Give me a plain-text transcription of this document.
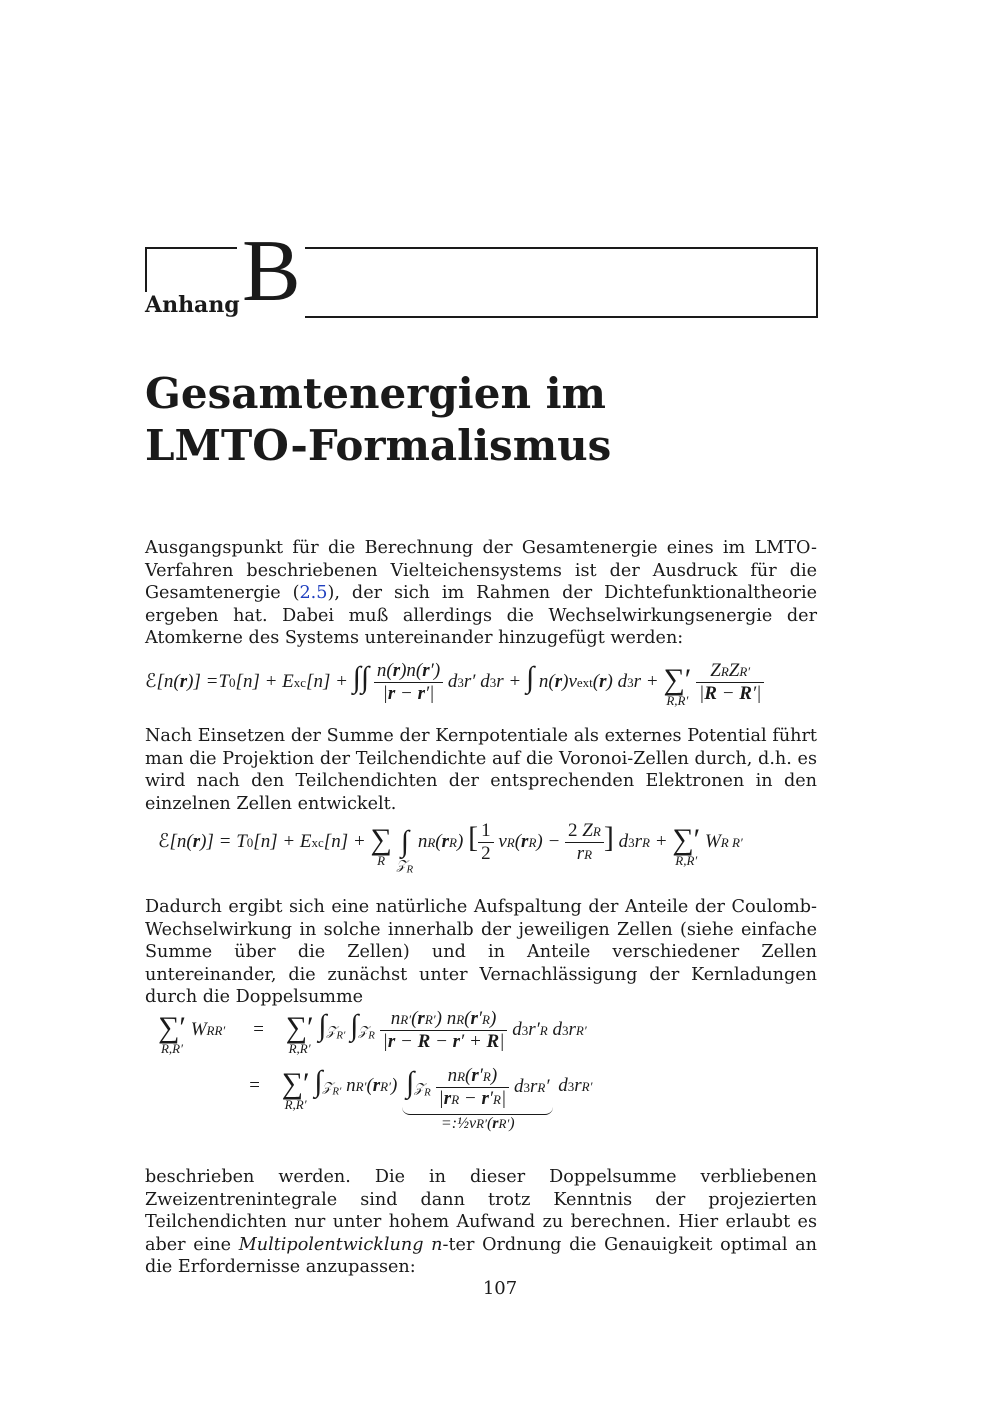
Anhang B
Gesamtenergien im
LMTO-Formalismus
Ausgangspunkt für die Berechnung der Gesamtenergie eines im LMTO-Verfahren beschriebenen Vielteichensystems ist der Ausdruck für die Gesamtenergie (2.5), der sich im Rahmen der Dichtefunktionaltheorie ergeben hat. Dabei muß allerdings die Wechselwirkungsenergie der Atomkerne des Systems untereinander hinzugefügt werden:
ℰ[n(r)] =T0[n] + Exc[n] + ∫∫ $\frac{n(r)n(r')}{|r - r'|} d3r'$ d3r + ∫ n(r)vext(r) d3r + ∑′
R,R′
$\frac{\text{ZRZR′}}{|R - R'|}$
Nach Einsetzen der Summe der Kernpotentiale als externes Potential führt man die Projektion der Teilchendichte auf die Voronoi-Zellen durch, d.h. es wird nach den Teilchendichten der entsprechenden Elektronen in den einzelnen Zellen entwickelt.
ℰ[n(r)] = T0[n] + Exc[n] + ∑
R

∫
𝒵$_R$
nR(rR) [ $\frac{1}{2} vR(rR) - \frac{2 ZR}{rR}$ ] d3rR + ∑′
R,R′
WR R′
Dadurch ergibt sich eine natürliche Aufspaltung der Anteile der Coulomb- Wechselwirkung in solche innerhalb der jeweiligen Zellen (siehe einfache Summe über die Zellen) und in Anteile verschiedener Zellen untereinander, die zunächst unter Vernachlässigung der Kernladungen durch die Doppelsumme
∑′
R,R′
WRR′ = ∑′
R,R′
∫𝒵$_{R'}$ ∫𝒵$_R$ $\frac{nR'(rR') nR(r'R)}{|r - R - r' + R|} d3r'R$ d3rR′
= ∑′
R,R′
∫𝒵$_{R'}$ nR′(rR′) ∫𝒵$_R$ $\frac{nR(r'R)}{|rR - r'R|} d3rR'$
=:½vR′(rR′)
d3rR′
beschrieben werden. Die in dieser Doppelsumme verbliebenen Zweizentrenintegrale sind dann trotz Kenntnis der projezierten Teilchendichten nur unter hohem Aufwand zu berechnen. Hier erlaubt es aber eine Multipolentwicklung n-ter Ordnung die Genauigkeit optimal an die Erfordernisse anzupassen:
107
